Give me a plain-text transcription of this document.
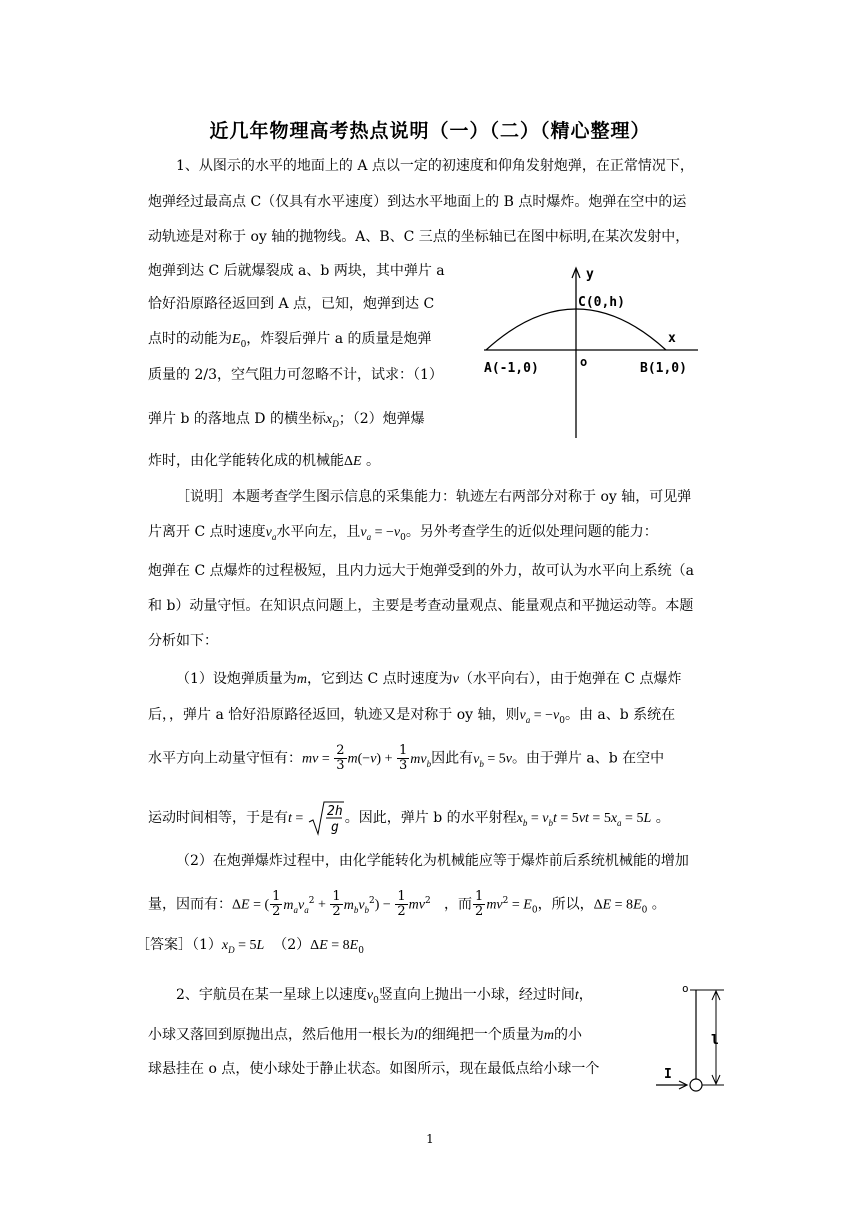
近几年物理高考热点说明（一）（二）（精心整理）
1、从图示的水平的地面上的 A 点以一定的初速度和仰角发射炮弹，在正常情况下，
炮弹经过最高点 C（仅具有水平速度）到达水平地面上的 B 点时爆炸。炮弹在空中的运
动轨迹是对称于 oy 轴的抛物线。A、B、C 三点的坐标轴已在图中标明,在某次发射中，
炮弹到达 C 后就爆裂成 a、b 两块，其中弹片 a
恰好沿原路径返回到 A 点，已知，炮弹到达 C
点时的动能为$E_0$，炸裂后弹片 a 的质量是炮弹
质量的 2/3，空气阻力可忽略不计，试求：（1）
弹片 b 的落地点 D 的横坐标$x_D$；（2）炮弹爆
炸时，由化学能转化成的机械能ΔE 。
y
x
C(0,h)
o
A(-1,0)	B(1,0)
［说明］本题考查学生图示信息的采集能力：轨迹左右两部分对称于 oy 轴，可见弹
片离开 C 点时速度$v_a$水平向左，且$v_a = -v_0$。另外考查学生的近似处理问题的能力：
炮弹在 C 点爆炸的过程极短，且内力远大于炮弹受到的外力，故可认为水平向上系统（a
和 b）动量守恒。在知识点问题上，主要是考查动量观点、能量观点和平抛运动等。本题
分析如下：
（1）设炮弹质量为m，它到达 C 点时速度为v（水平向右），由于炮弹在 C 点爆炸
后，，弹片 a 恰好沿原路径返回，轨迹又是对称于 oy 轴，则$v_a = -v_0$。由 a、b 系统在
水平方向上动量守恒有：mv = $\frac{2}{3} m(-v) + \frac{1}{3} mv_b$因此有$v_b = 5v$。由于弹片 a、b 在空中
运动时间相等，于是有t = 2h
g
。因此，弹片 b 的水平射程$x_b = v_bt = 5vt = 5x_a = 5L$ 。
（2）在炮弹爆炸过程中，由化学能转化为机械能应等于爆炸前后系统机械能的增加
量，因而有：ΔE = ( $\frac{1}{2} m_av_a^2 + \frac{1}{2} m_bv_b^2) - \frac{1}{2} mv^2$ ，而 $\frac{1}{2} mv^2 = E_0$，所以，$\Delta E = 8E_0$ 。
［答案$](1)x_D = 5L$ $(2)\Delta E = 8E_0$
2、宇航员在某一星球上以速度$v_0$竖直向上抛出一小球，经过时间t，
小球又落回到原抛出点，然后他用一根长为l的细绳把一个质量为m的小
球悬挂在 o 点，使小球处于静止状态。如图所示，现在最低点给小球一个
o
l
I
1
